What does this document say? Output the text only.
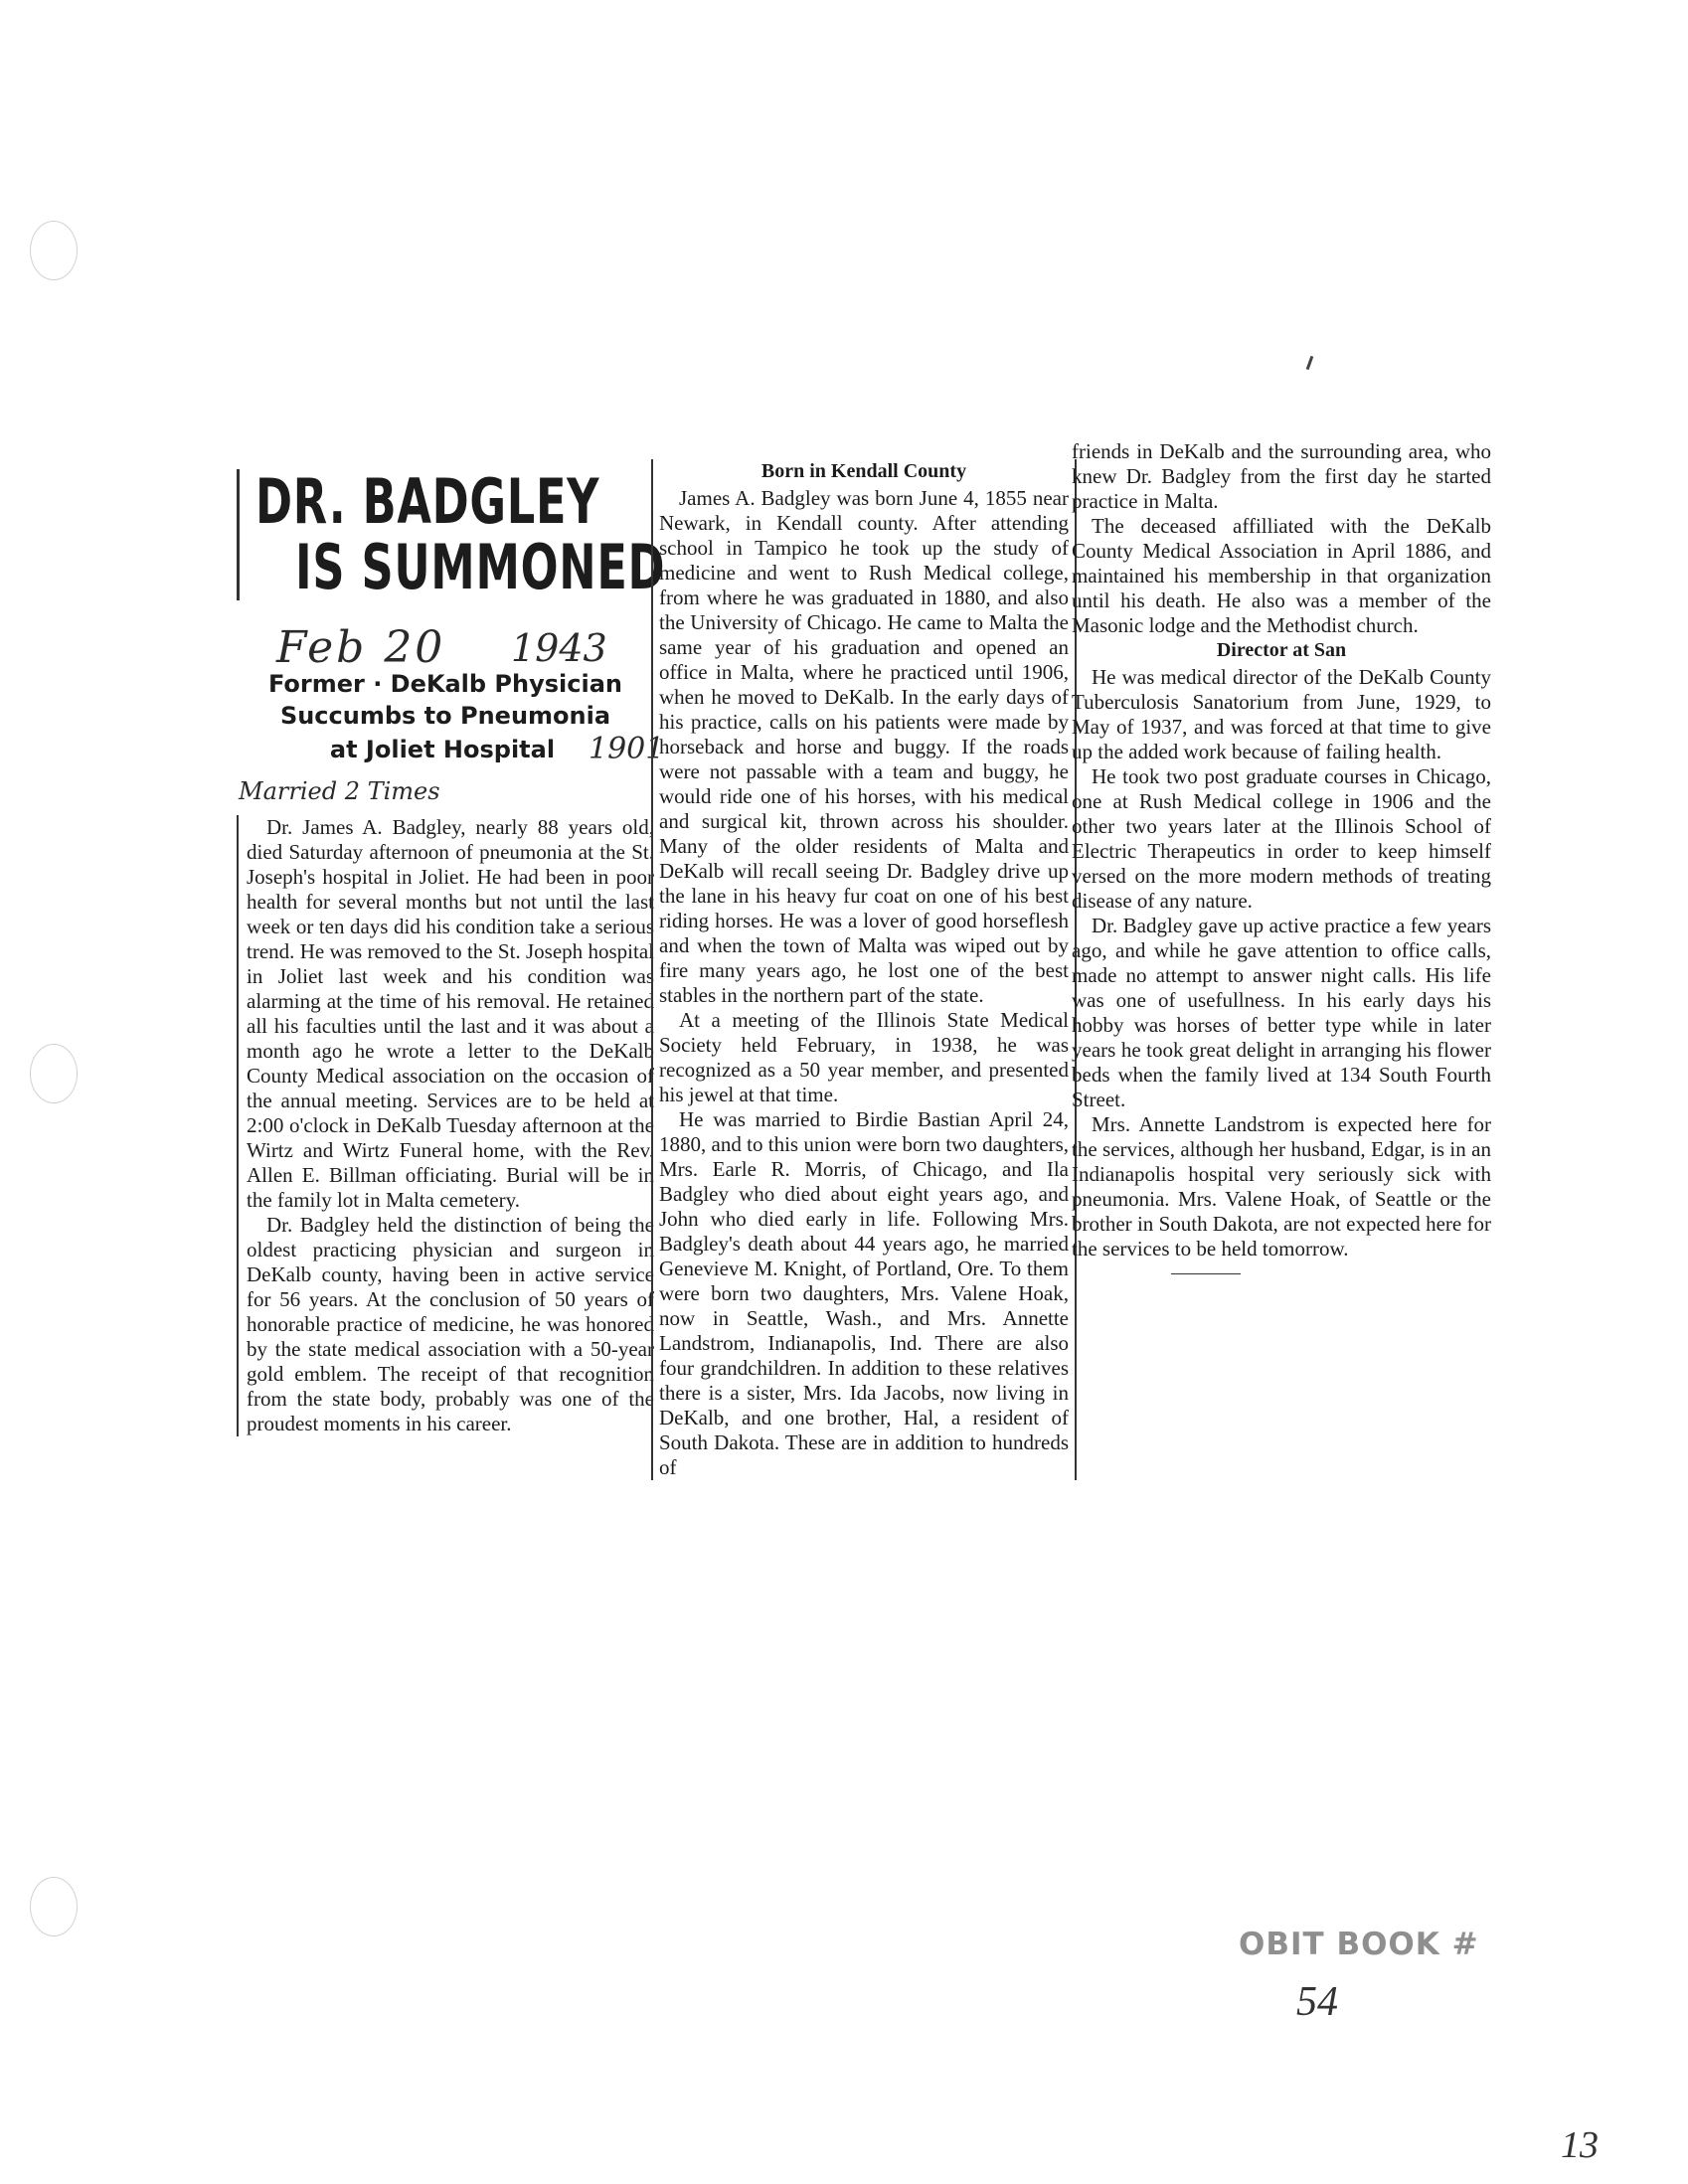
DR. BADGLEY
IS SUMMONED
Feb 20 1943
Former · DeKalb Physician
Succumbs to Pneumonia
at Joliet Hospital	1901
Married 2 Times

Dr. James A. Badgley, nearly 88 years old, died Saturday afternoon of pneumonia at the St. Joseph's hospital in Joliet. He had been in poor health for several months but not until the last week or ten days did his condition take a serious trend. He was removed to the St. Joseph hospital in Joliet last week and his condition was alarming at the time of his removal. He retained all his faculties until the last and it was about a month ago he wrote a letter to the DeKalb County Medical association on the occasion of the annual meeting. Services are to be held at 2:00 o'clock in DeKalb Tuesday afternoon at the Wirtz and Wirtz Funeral home, with the Rev. Allen E. Billman officiating. Burial will be in the family lot in Malta cemetery.

Dr. Badgley held the distinction of being the oldest practicing physician and surgeon in DeKalb county, having been in active service for 56 years. At the conclusion of 50 years of honorable practice of medicine, he was honored by the state medical association with a 50-year gold emblem. The receipt of that recognition from the state body, probably was one of the proudest moments in his career.

Born in Kendall County

James A. Badgley was born June 4, 1855 near Newark, in Kendall county. After attending school in Tampico he took up the study of medicine and went to Rush Medical college, from where he was graduated in 1880, and also the University of Chicago. He came to Malta the same year of his graduation and opened an office in Malta, where he practiced until 1906, when he moved to DeKalb. In the early days of his practice, calls on his patients were made by horseback and horse and buggy. If the roads were not passable with a team and buggy, he would ride one of his horses, with his medical and surgical kit, thrown across his shoulder. Many of the older residents of Malta and DeKalb will recall seeing Dr. Badgley drive up the lane in his heavy fur coat on one of his best riding horses. He was a lover of good horseflesh and when the town of Malta was wiped out by fire many years ago, he lost one of the best stables in the northern part of the state.

At a meeting of the Illinois State Medical Society held February, in 1938, he was recognized as a 50 year member, and presented his jewel at that time.

He was married to Birdie Bastian April 24, 1880, and to this union were born two daughters, Mrs. Earle R. Morris, of Chicago, and Ila Badgley who died about eight years ago, and John who died early in life. Following Mrs. Badgley's death about 44 years ago, he married Genevieve M. Knight, of Portland, Ore. To them were born two daughters, Mrs. Valene Hoak, now in Seattle, Wash., and Mrs. Annette Landstrom, Indianapolis, Ind. There are also four grandchildren. In addition to these relatives there is a sister, Mrs. Ida Jacobs, now living in DeKalb, and one brother, Hal, a resident of South Dakota. These are in addition to hundreds of

friends in DeKalb and the surrounding area, who knew Dr. Badgley from the first day he started practice in Malta.

The deceased affilliated with the DeKalb County Medical Association in April 1886, and maintained his membership in that organization until his death. He also was a member of the Masonic lodge and the Methodist church.

Director at San

He was medical director of the DeKalb County Tuberculosis Sanatorium from June, 1929, to May of 1937, and was forced at that time to give up the added work because of failing health.

He took two post graduate courses in Chicago, one at Rush Medical college in 1906 and the other two years later at the Illinois School of Electric Therapeutics in order to keep himself versed on the more modern methods of treating disease of any nature.

Dr. Badgley gave up active practice a few years ago, and while he gave attention to office calls, made no attempt to answer night calls. His life was one of usefullness. In his early days his hobby was horses of better type while in later years he took great delight in arranging his flower beds when the family lived at 134 South Fourth Street.

Mrs. Annette Landstrom is expected here for the services, although her husband, Edgar, is in an Indianapolis hospital very seriously sick with pneumonia. Mrs. Valene Hoak, of Seattle or the brother in South Dakota, are not expected here for the services to be held tomorrow.

OBIT BOOK #
54
13
